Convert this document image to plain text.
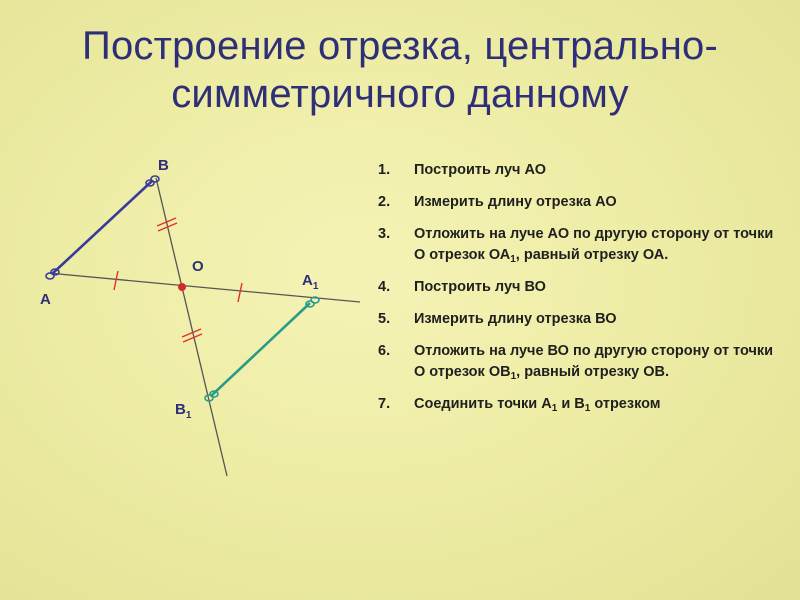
Построение отрезка, центрально-
симметричного данному
A
B
O
$A_1$
$B_1$
1.	Построить луч АО
2.	Измерить длину отрезка АО
3.	Отложить на луче АО по другую сторону от точки О отрезок $ОА_1$, равный отрезку ОА.
4.	Построить луч ВО
5.	Измерить длину отрезка ВО
6.	Отложить на луче ВО по другую сторону от точки О отрезок $ОВ_1$, равный отрезку ОВ.
7.	Соединить точки $А_1$ и $В_1$ отрезком
